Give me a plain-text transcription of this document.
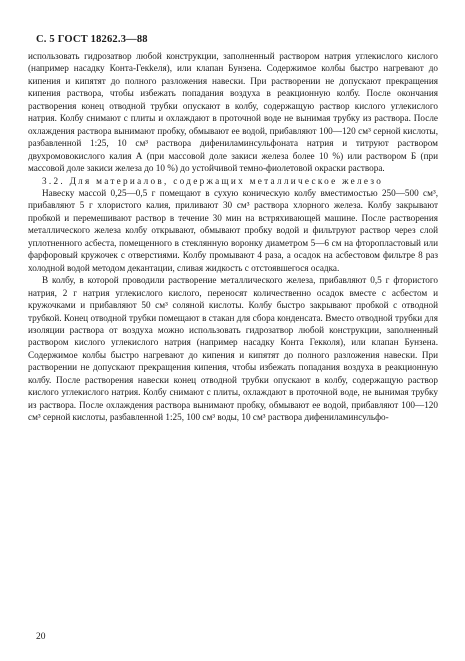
С. 5 ГОСТ 18262.3—88

использовать гидрозатвор любой конструкции, заполненный раствором натрия углекислого кислого (например насадку Конта-Гекkеля), или клапан Бунзена. Содержимое колбы быстро нагревают до кипения и кипятят до полного разложения навески. При растворении не допускают прекращения кипения раствора, чтобы избежать попадания воздуха в реакционную колбу. После окончания растворения конец отводной трубки опускают в колбу, содержащую раствор кислого углекислого натрия. Колбу снимают с плиты и охлаждают в проточной воде не вынимая трубку из раствора. После охлаждения раствора вынимают пробку, обмывают ее водой, прибавляют 100—120 см³ серной кислоты, разбавленной 1:25, 10 см³ раствора дифениламинсульфоната натрия и титруют раствором двухромовокислого калия А (при массовой доле закиси железа более 10 %) или раствором Б (при массовой доле закиси железа до 10 %) до устойчивой темно-фиолетовой окраски раствора.

3.2. Для материалов, содержащих металлическое железо

Навеску массой 0,25—0,5 г помещают в сухую коническую колбу вместимостью 250—500 см³, прибавляют 5 г хлористого калия, приливают 30 см³ раствора хлорного железа. Колбу закрывают пробкой и перемешивают раствор в течение 30 мин на встряхивающей машине. После растворения металлического железа колбу открывают, обмывают пробку водой и фильтруют раствор через слой уплотненного асбеста, помещенного в стеклянную воронку диаметром 5—6 см на фторопластовый или фарфоровый кружочек с отверстиями. Колбу промывают 4 раза, а осадок на асбестовом фильтре 8 раз холодной водой методом декантации, сливая жидкость с отстоявшегося осадка.

В колбу, в которой проводили растворение металлического железа, прибавляют 0,5 г фтористого натрия, 2 г натрия углекислого кислого, переносят количественно осадок вместе с асбестом и кружочками и прибавляют 50 см³ соляной кислоты. Колбу быстро закрывают пробкой с отводной трубкой. Конец отводной трубки помещают в стакан для сбора конденсата. Вместо отводной трубки для изоляции раствора от воздуха можно использовать гидрозатвор любой конструкции, заполненный раствором кислого углекислого натрия (например насадку Конта Гекколя), или клапан Бунзена. Содержимое колбы быстро нагревают до кипения и кипятят до полного разложения навески. При растворении не допускают прекращения кипения, чтобы избежать попадания воздуха в реакционную колбу. После растворения навески конец отводной трубки опускают в колбу, содержащую раствор кислого углекислого натрия. Колбу снимают с плиты, охлаждают в проточной воде, не вынимая трубку из раствора. После охлаждения раствора вынимают пробку, обмывают ее водой, прибавляют 100—120 см³ серной кислоты, разбавленной 1:25, 100 см³ воды, 10 см³ раствора дифениламинсульфо-

20
